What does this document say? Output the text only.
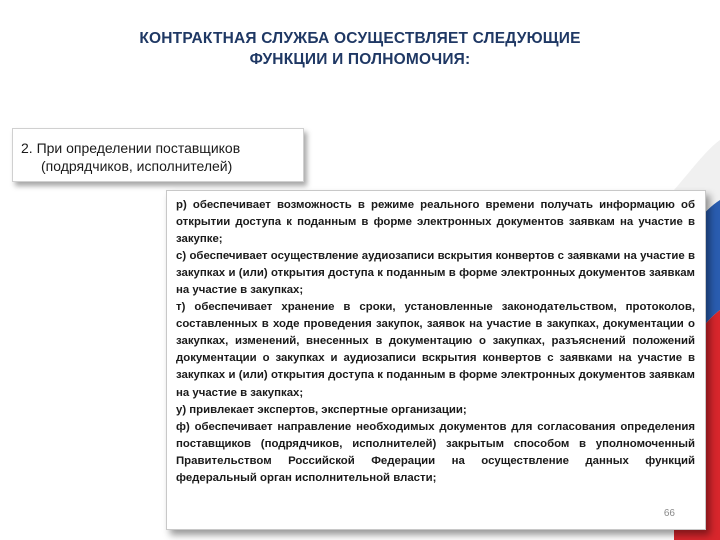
КОНТРАКТНАЯ СЛУЖБА ОСУЩЕСТВЛЯЕТ СЛЕДУЮЩИЕ
ФУНКЦИИ И ПОЛНОМОЧИЯ:
2. При определении поставщиков
(подрядчиков, исполнителей)

р) обеспечивает возможность в режиме реального времени получать информацию об открытии доступа к поданным в форме электронных документов заявкам на участие в закупке;

с) обеспечивает осуществление аудиозаписи вскрытия конвертов с заявками на участие в закупках и (или) открытия доступа к поданным в форме электронных документов заявкам на участие в закупках;

т) обеспечивает хранение в сроки, установленные законодательством, протоколов, составленных в ходе проведения закупок, заявок на участие в закупках, документации о закупках, изменений, внесенных в документацию о закупках, разъяснений положений документации о закупках и аудиозаписи вскрытия конвертов с заявками на участие в закупках и (или) открытия доступа к поданным в форме электронных документов заявкам на участие в закупках;

у) привлекает экспертов, экспертные организации;

ф) обеспечивает направление необходимых документов для согласования определения поставщиков (подрядчиков, исполнителей) закрытым способом в уполномоченный Правительством Российской Федерации на осуществление данных функций федеральный орган исполнительной власти;

66
